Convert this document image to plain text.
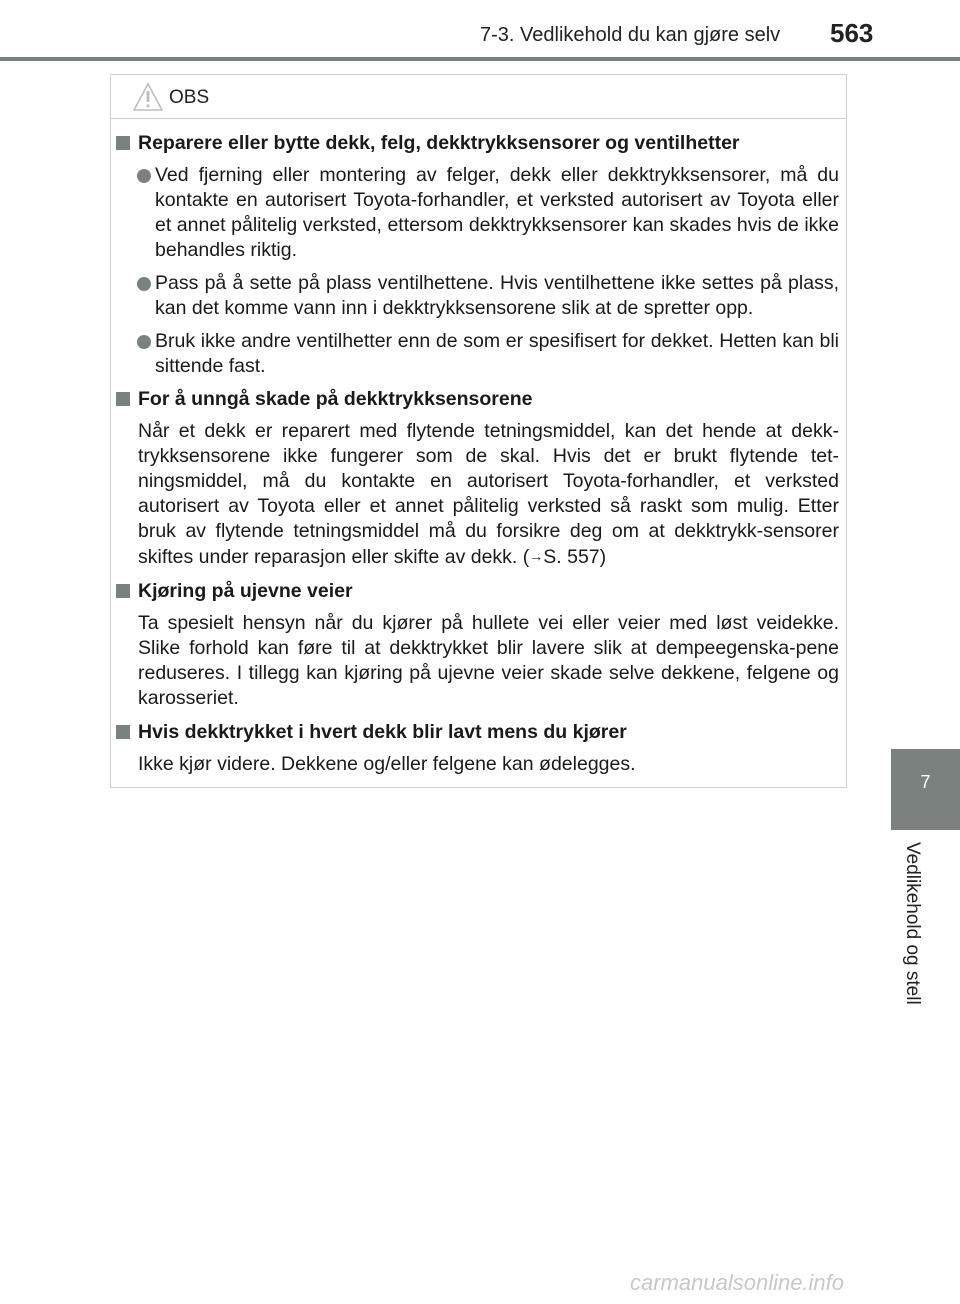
7-3. Vedlikehold du kan gjøre selv 563
7
Vedlikehold og stell
OBS
Reparere eller bytte dekk, felg, dekktrykksensorer og ventilhetter
Ved fjerning eller montering av felger, dekk eller dekktrykksensorer, må du kontakte en autorisert Toyota-forhandler, et verksted autorisert av Toyota eller et annet pålitelig verksted, ettersom dekktrykksensorer kan skades hvis de ikke behandles riktig.
Pass på å sette på plass ventilhettene. Hvis ventilhettene ikke settes på plass, kan det komme vann inn i dekktrykksensorene slik at de spretter opp.
Bruk ikke andre ventilhetter enn de som er spesifisert for dekket. Hetten kan bli sittende fast.
For å unngå skade på dekktrykksensorene
Når et dekk er reparert med flytende tetningsmiddel, kan det hende at dekk-trykksensorene ikke fungerer som de skal. Hvis det er brukt flytende tet-ningsmiddel, må du kontakte en autorisert Toyota-forhandler, et verksted autorisert av Toyota eller et annet pålitelig verksted så raskt som mulig. Etter bruk av flytende tetningsmiddel må du forsikre deg om at dekktrykk-sensorer skiftes under reparasjon eller skifte av dekk. (→S. 557)
Kjøring på ujevne veier
Ta spesielt hensyn når du kjører på hullete vei eller veier med løst veidekke. Slike forhold kan føre til at dekktrykket blir lavere slik at dempeegenska-pene reduseres. I tillegg kan kjøring på ujevne veier skade selve dekkene, felgene og karosseriet.
Hvis dekktrykket i hvert dekk blir lavt mens du kjører
Ikke kjør videre. Dekkene og/eller felgene kan ødelegges.
carmanualsonline.info
